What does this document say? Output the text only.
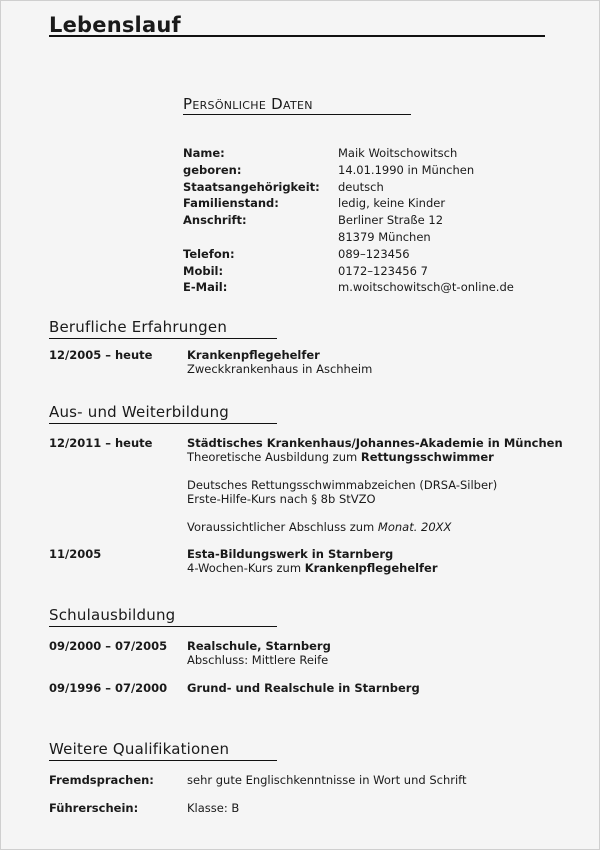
Lebenslauf
Persönliche Daten
Name:	Maik Woitschowitsch
geboren:	14.01.1990 in München
Staatsangehörigkeit:	deutsch
Familienstand:	ledig, keine Kinder
Anschrift:	Berliner Straße 12
81379 München
Telefon:	089–123456
Mobil:	0172–123456 7
E-Mail:	m.woitschowitsch@t-online.de
Berufliche Erfahrungen
12/2005 – heute	Krankenpflegehelfer
Zweckkrankenhaus in Aschheim
Aus- und Weiterbildung
12/2011 – heute	Städtisches Krankenhaus/Johannes-Akademie in München
Theoretische Ausbildung zum Rettungsschwimmer
Deutsches Rettungsschwimmabzeichen (DRSA-Silber)
Erste-Hilfe-Kurs nach § 8b StVZO
Voraussichtlicher Abschluss zum Monat. 20XX
11/2005	Esta-Bildungswerk in Starnberg
4-Wochen-Kurs zum Krankenpflegehelfer
Schulausbildung
09/2000 – 07/2005	Realschule, Starnberg
Abschluss: Mittlere Reife
09/1996 – 07/2000	Grund- und Realschule in Starnberg
Weitere Qualifikationen
Fremdsprachen:	sehr gute Englischkenntnisse in Wort und Schrift
Führerschein:	Klasse: B
